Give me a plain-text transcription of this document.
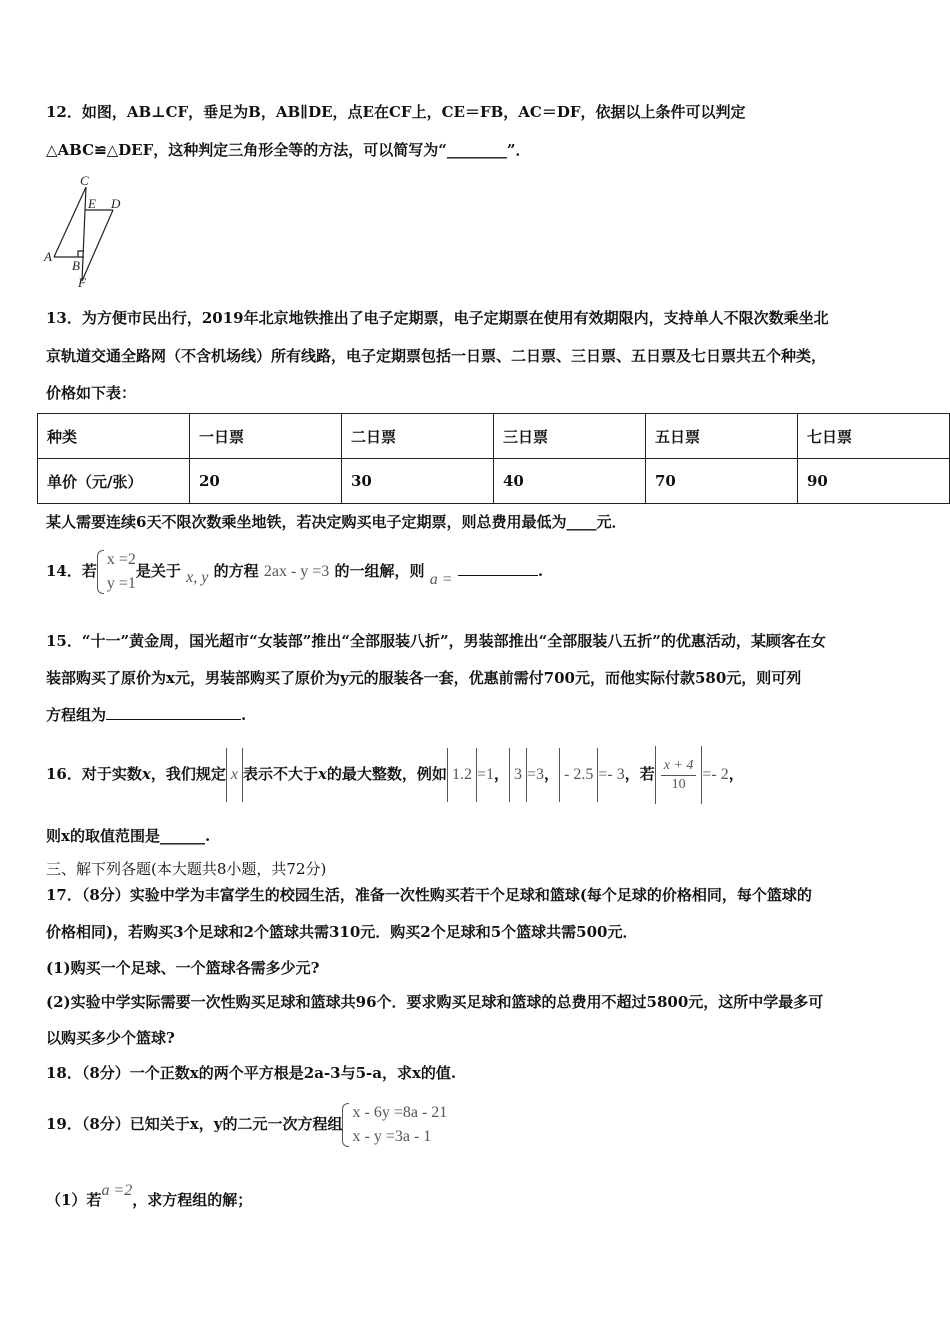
12．如图，AB⊥CF，垂足为B，AB∥DE，点E在CF上，CE＝FB，AC＝DF，依据以上条件可以判定
△ABC≌△DEF，这种判定三角形全等的方法，可以简写为“________”．
C
E D
A
B
F
13．为方便市民出行，2019年北京地铁推出了电子定期票，电子定期票在使用有效期限内，支持单人不限次数乘坐北
京轨道交通全路网（不含机场线）所有线路，电子定期票包括一日票、二日票、三日票、五日票及七日票共五个种类，
价格如下表：
种类	一日票	二日票	三日票	五日票	七日票
单价（元/张）	20	30	40	70	90
某人需要连续6天不限次数乘坐地铁，若决定购买电子定期票，则总费用最低为____元．
14．若
x =2
y =1
是关于 x, y 的方程 2ax - y =3 的一组解，则 a =	.
15．“十一”黄金周，国光超市“女装部”推出“全部服装八折”，男装部推出“全部服装八五折”的优惠活动，某顾客在女
装部购买了原价为x元，男装部购买了原价为y元的服装各一套，优惠前需付700元，而他实际付款580元，则可列
方程组为	.
16．对于实数x，我们规定 x 表示不大于x的最大整数，例如 1.2 =1， 3 =3， - 2.5 =- 3，若 $\frac{x + 4}{10} =- 2$，
则x的取值范围是______.
三、解下列各题(本大题共8小题，共72分)
17．（8分）实验中学为丰富学生的校园生活，准备一次性购买若干个足球和篮球(每个足球的价格相同，每个篮球的
价格相同)，若购买3个足球和2个篮球共需310元．购买2个足球和5个篮球共需500元．
(1)购买一个足球、一个篮球各需多少元?
(2)实验中学实际需要一次性购买足球和篮球共96个．要求购买足球和篮球的总费用不超过5800元，这所中学最多可
以购买多少个篮球?
18．（8分）一个正数x的两个平方根是2a-3与5-a，求x的值.
19．（8分）已知关于x，y的二元一次方程组
x - 6y =8a - 21
x - y =3a - 1
（1）若a =2，求方程组的解；
